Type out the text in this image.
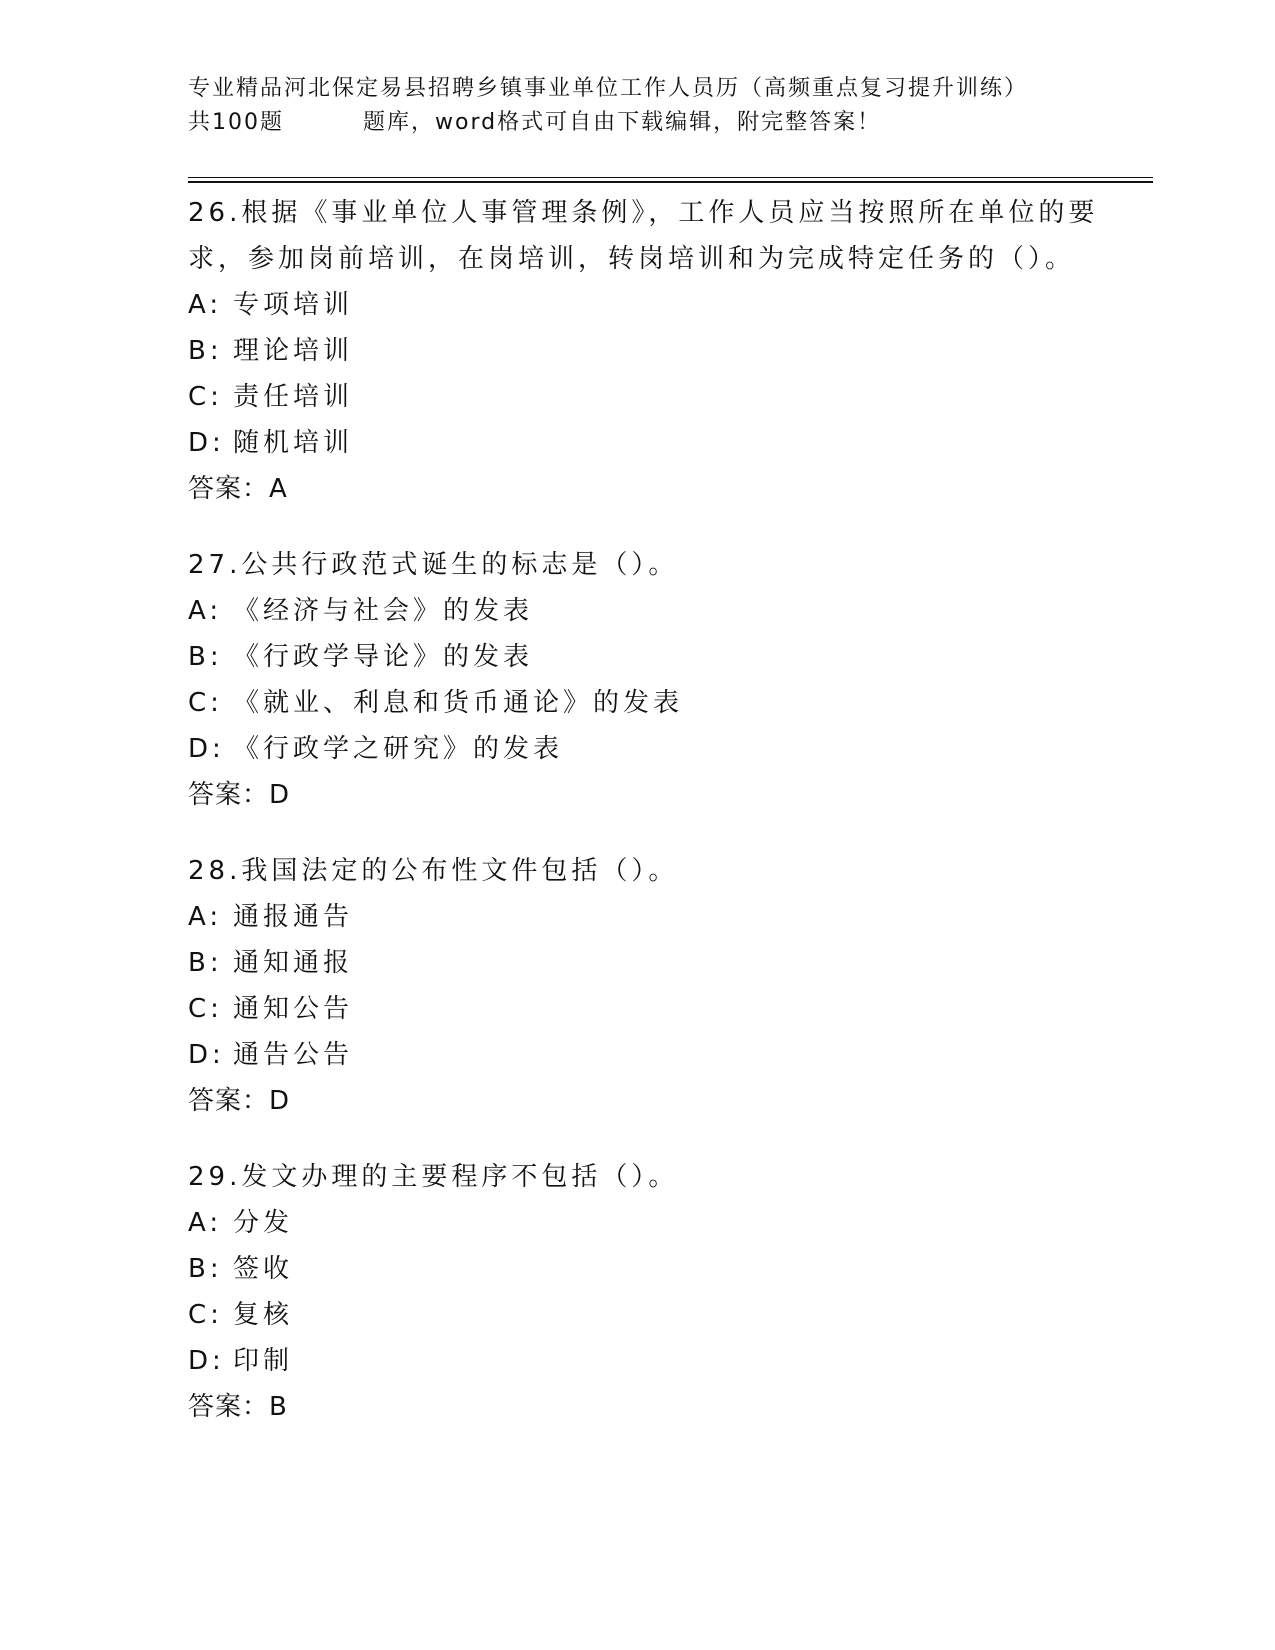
专业精品河北保定易县招聘乡镇事业单位工作人员历（高频重点复习提升训练）
共100题	题库，word格式可自由下载编辑，附完整答案！

26.根据《事业单位人事管理条例》，工作人员应当按照所在单位的要求，参加岗前培训，在岗培训，转岗培训和为完成特定任务的（）。

A: 专项培训
B: 理论培训
C: 责任培训
D: 随机培训
答案：A

27.公共行政范式诞生的标志是（）。

A: 《经济与社会》的发表
B: 《行政学导论》的发表
C: 《就业、利息和货币通论》的发表
D: 《行政学之研究》的发表
答案：D

28.我国法定的公布性文件包括（）。

A: 通报通告
B: 通知通报
C: 通知公告
D: 通告公告
答案：D

29.发文办理的主要程序不包括（）。

A: 分发
B: 签收
C: 复核
D: 印制
答案：B
